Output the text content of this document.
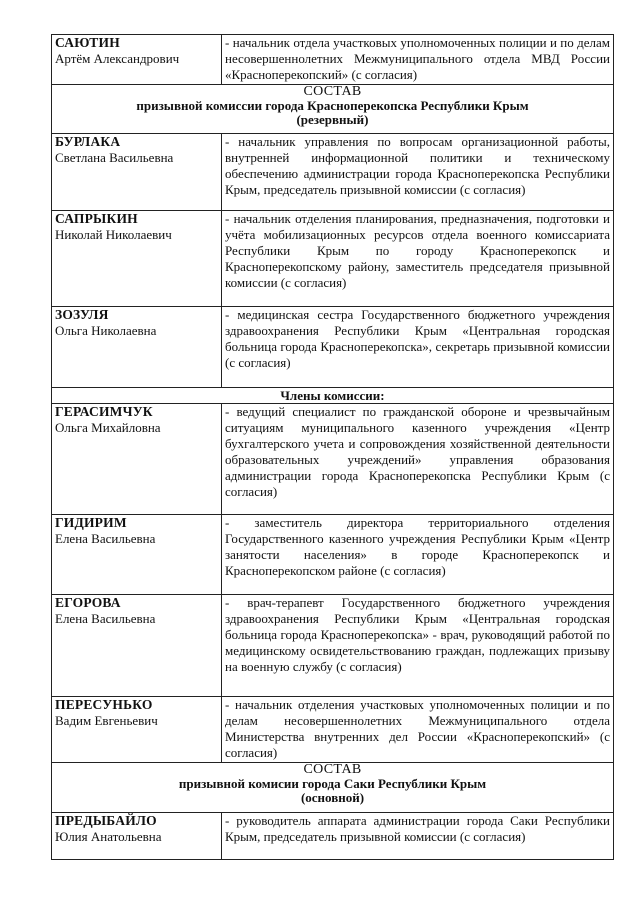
САЮТИН
Артём Александрович	- начальник отдела участковых уполномоченных полиции и по делам несовершеннолетних Межмуниципального отдела МВД России «Красноперекопский» (с согласия)

СОСТАВ
призывной комиссии города Красноперекопска Республики Крым
(резервный)	

БУРЛАКА
Светлана Васильевна	- начальник управления по вопросам организационной работы, внутренней информационной политики и техническому обеспечению администрации города Красноперекопска Республики Крым, председатель призывной комиссии (с согласия)
САПРЫКИН
Николай Николаевич	- начальник отделения планирования, предназначения, подготовки и учёта мобилизационных ресурсов отдела военного комиссариата Республики Крым по городу Красноперекопск и Красноперекопскому району, заместитель председателя призывной комиссии (с согласия)
ЗОЗУЛЯ
Ольга Николаевна	- медицинская сестра Государственного бюджетного учреждения здравоохранения Республики Крым «Центральная городская больница города Красноперекопска», секретарь призывной комиссии (с согласия)
Члены комиссии:	
ГЕРАСИМЧУК
Ольга Михайловна	- ведущий специалист по гражданской обороне и чрезвычайным ситуациям муниципального казенного учреждения «Центр бухгалтерского учета и сопровождения хозяйственной деятельности образовательных учреждений» управления образования администрации города Красноперекопска Республики Крым (с согласия)
ГИДИРИМ
Елена Васильевна	- заместитель директора территориального отделения Государственного казенного учреждения Республики Крым «Центр занятости населения» в городе Красноперекопск и Красноперекопском районе (с согласия)
ЕГОРОВА
Елена Васильевна	- врач-терапевт Государственного бюджетного учреждения здравоохранения Республики Крым «Центральная городская больница города Красноперекопска» - врач, руководящий работой по медицинскому освидетельствованию граждан, подлежащих призыву на военную службу (с согласия)
ПЕРЕСУНЬКО
Вадим Евгеньевич	- начальник отделения участковых уполномоченных полиции и по делам несовершеннолетних Межмуниципального отдела Министерства внутренних дел России «Красноперекопский» (с согласия)

СОСТАВ
призывной комисии города Саки Республики Крым
(основной)	

ПРЕДЫБАЙЛО
Юлия Анатольевна	- руководитель аппарата администрации города Саки Республики Крым, председатель призывной комиссии (с согласия)
